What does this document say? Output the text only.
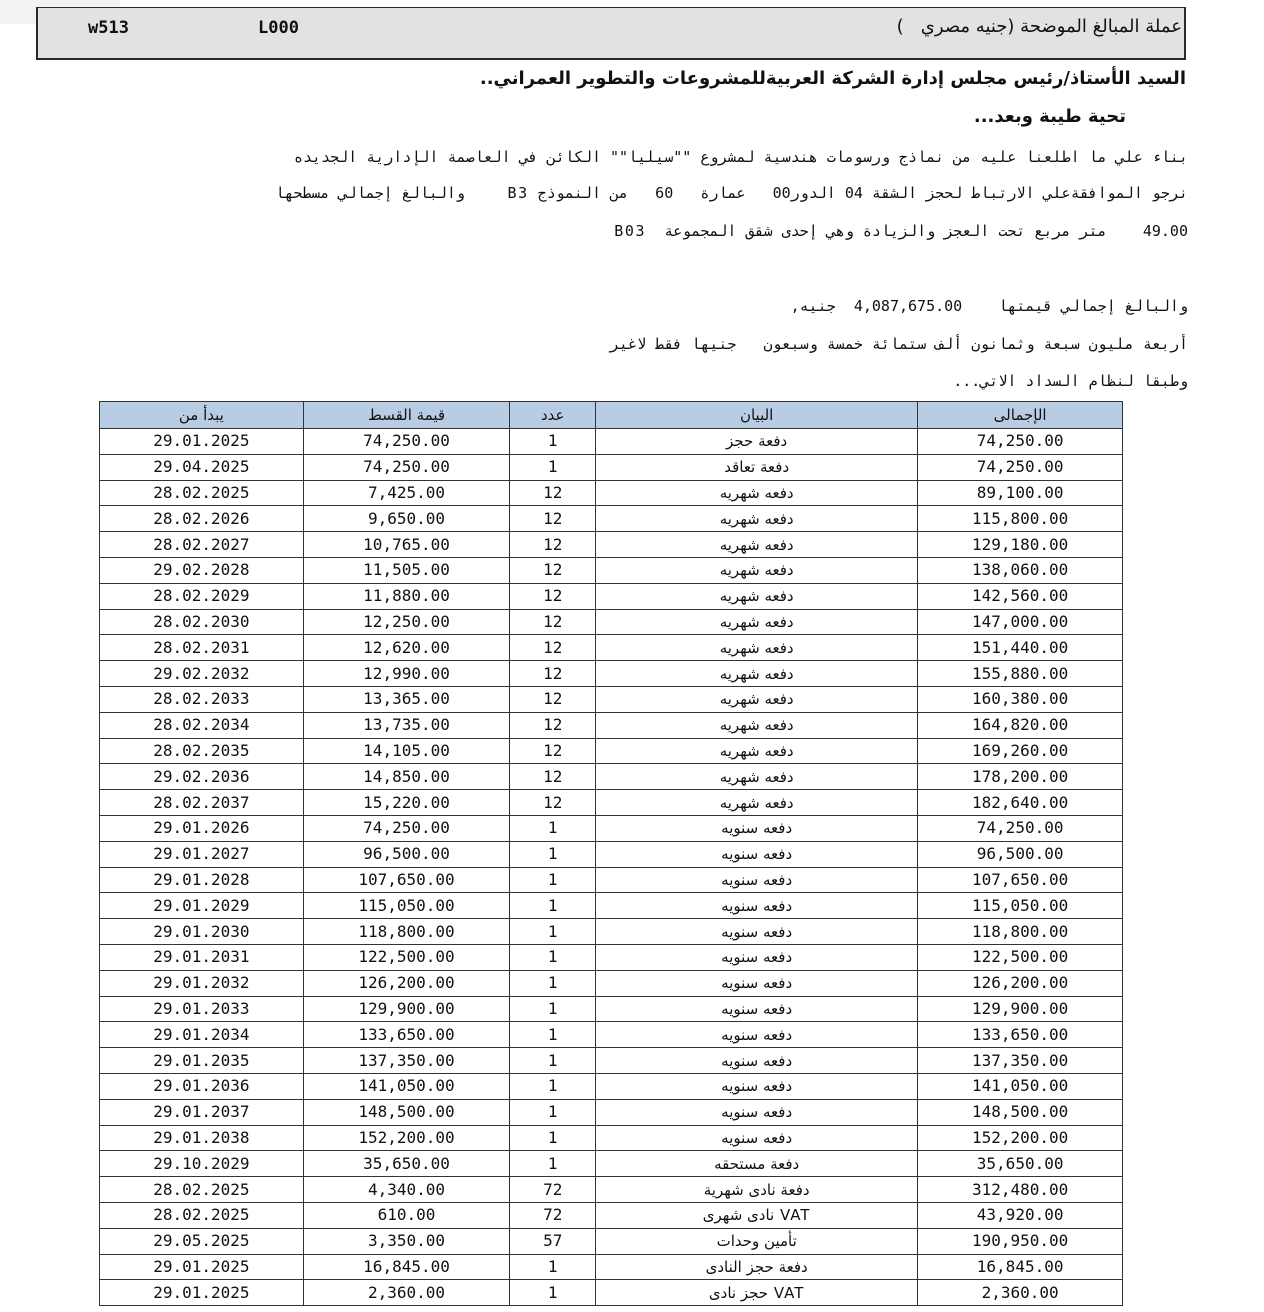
w513	L000	عملة المبالغ الموضحة (جنيه مصري   )
السيد الأستاذ/رئيس مجلس إدارة الشركة العربيةللمشروعات والتطوير العمراني..
تحية طيبة وبعد...
بناء علي ما اطلعنا عليه من نماذج ورسومات هندسية لمشروع ""سيليا"" الكائن في العاصمة الإدارية الجديده
نرجو الموافقةعلي الارتباط لحجز الشقة 04 الدور00   عمارة   60   من النموذج B3    والبالغ إجمالي مسطحها
49.00    متر مربع تحت العجز والزيادة وهي إحدى شقق المجموعة  B03
والبالغ إجمالي قيمتها    4,087,675.00  جنيه,
أربعة مليون سبعة وثمانون ألف ستمائة خمسة وسبعون   جنيها فقط لاغير
وطبقا لنظام السداد الاتي...
يبدأ من	قيمة القسط	عدد	البيان	الإجمالى
29.01.2025	74,250.00	1	دفعة حجز	74,250.00
29.04.2025	74,250.00	1	دفعة تعاقد	74,250.00
28.02.2025	7,425.00	12	دفعه شهريه	89,100.00
28.02.2026	9,650.00	12	دفعه شهريه	115,800.00
28.02.2027	10,765.00	12	دفعه شهريه	129,180.00
29.02.2028	11,505.00	12	دفعه شهريه	138,060.00
28.02.2029	11,880.00	12	دفعه شهريه	142,560.00
28.02.2030	12,250.00	12	دفعه شهريه	147,000.00
28.02.2031	12,620.00	12	دفعه شهريه	151,440.00
29.02.2032	12,990.00	12	دفعه شهريه	155,880.00
28.02.2033	13,365.00	12	دفعه شهريه	160,380.00
28.02.2034	13,735.00	12	دفعه شهريه	164,820.00
28.02.2035	14,105.00	12	دفعه شهريه	169,260.00
29.02.2036	14,850.00	12	دفعه شهريه	178,200.00
28.02.2037	15,220.00	12	دفعه شهريه	182,640.00
29.01.2026	74,250.00	1	دفعه سنويه	74,250.00
29.01.2027	96,500.00	1	دفعه سنويه	96,500.00
29.01.2028	107,650.00	1	دفعه سنويه	107,650.00
29.01.2029	115,050.00	1	دفعه سنويه	115,050.00
29.01.2030	118,800.00	1	دفعه سنويه	118,800.00
29.01.2031	122,500.00	1	دفعه سنويه	122,500.00
29.01.2032	126,200.00	1	دفعه سنويه	126,200.00
29.01.2033	129,900.00	1	دفعه سنويه	129,900.00
29.01.2034	133,650.00	1	دفعه سنويه	133,650.00
29.01.2035	137,350.00	1	دفعه سنويه	137,350.00
29.01.2036	141,050.00	1	دفعه سنويه	141,050.00
29.01.2037	148,500.00	1	دفعه سنويه	148,500.00
29.01.2038	152,200.00	1	دفعه سنويه	152,200.00
29.10.2029	35,650.00	1	دفعة مستحقه	35,650.00
28.02.2025	4,340.00	72	دفعة نادى شهرية	312,480.00
28.02.2025	610.00	72	VAT نادى شهرى	43,920.00
29.05.2025	3,350.00	57	تأمين وحدات	190,950.00
29.01.2025	16,845.00	1	دفعة حجز النادى	16,845.00
29.01.2025	2,360.00	1	VAT حجز نادى	2,360.00
